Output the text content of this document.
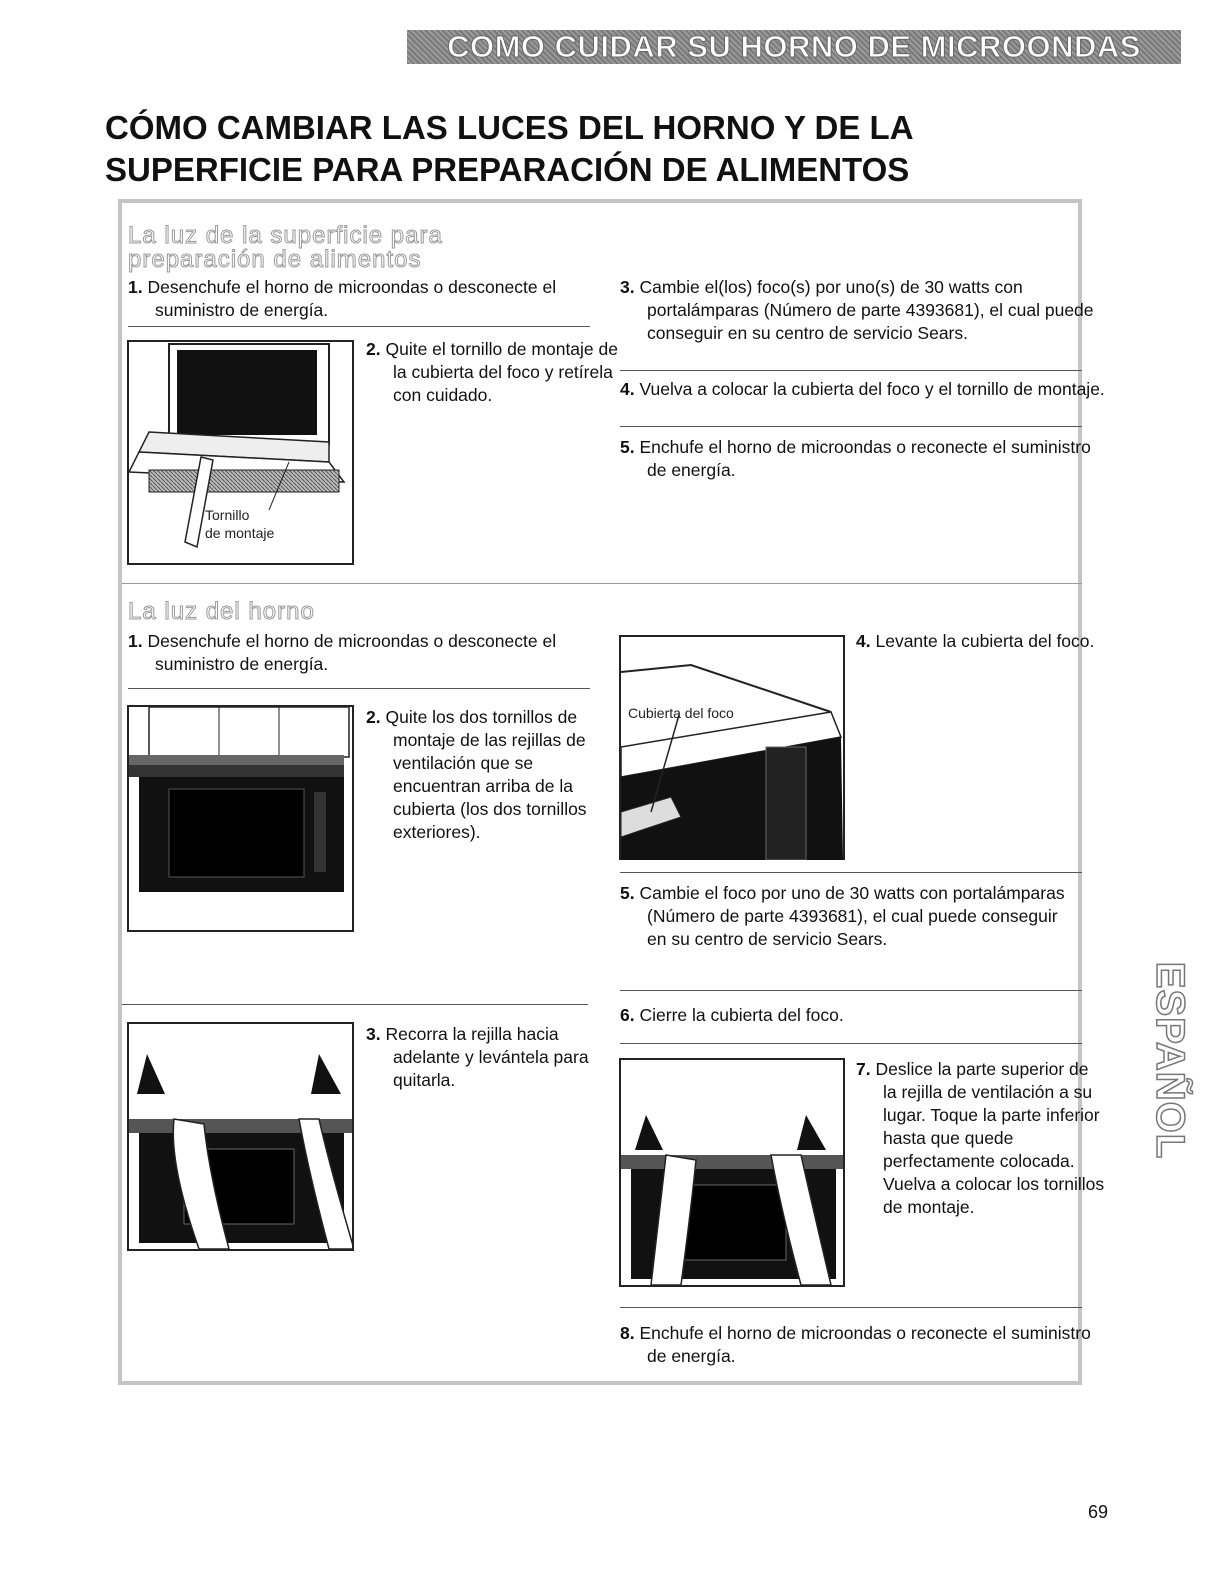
COMO CUIDAR SU HORNO DE MICROONDAS
CÓMO CAMBIAR LAS LUCES DEL HORNO Y DE LA SUPERFICIE PARA PREPARACIÓN DE ALIMENTOS
La luz de la superficie para
preparación de alimentos
1. Desenchufe el horno de microondas o desconecte el suministro de energía.
Tornillo
de montaje
2. Quite el tornillo de montaje de la cubierta del foco y retírela con cuidado.
3. Cambie el(los) foco(s) por uno(s) de 30 watts con portalámparas (Número de parte 4393681), el cual puede conseguir en su centro de servicio Sears.
4. Vuelva a colocar la cubierta del foco y el tornillo de montaje.
5. Enchufe el horno de microondas o reconecte el suministro de energía.
La luz del horno
1. Desenchufe el horno de microondas o desconecte el suministro de energía.
2. Quite los dos tornillos de montaje de las rejillas de ventilación que se encuentran arriba de la cubierta (los dos tornillos exteriores).
3. Recorra la rejilla hacia adelante y levántela para quitarla.
Cubierta del foco
4. Levante la cubierta del foco.
5. Cambie el foco por uno de 30 watts con portalámparas (Número de parte 4393681), el cual puede conseguir en su centro de servicio Sears.
6. Cierre la cubierta del foco.
7. Deslice la parte superior de la rejilla de ventilación a su lugar. Toque la parte inferior hasta que quede perfectamente colocada. Vuelva a colocar los tornillos de montaje.
8. Enchufe el horno de microondas o reconecte el suministro de energía.
ESPAÑOL
69
